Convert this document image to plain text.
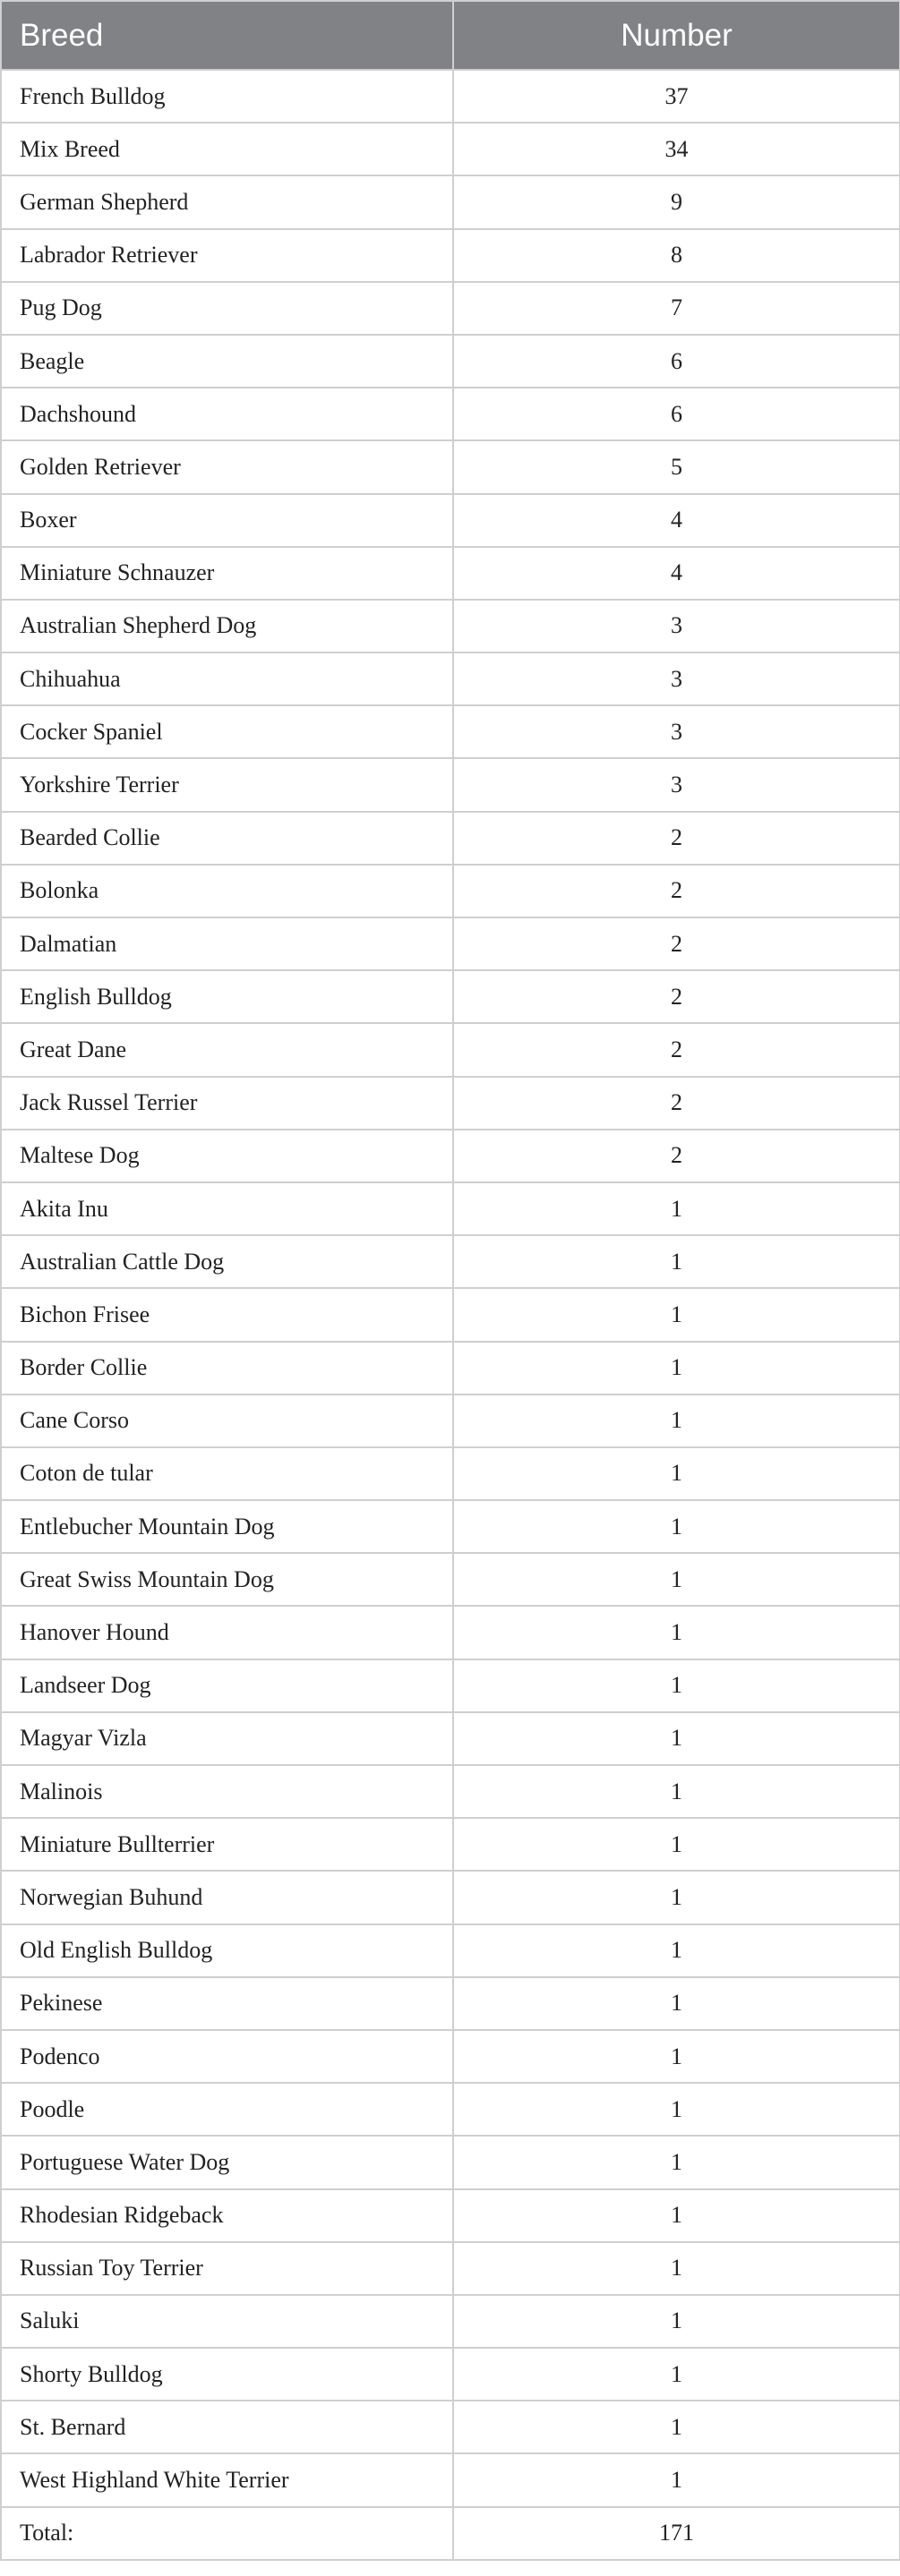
Breed	Number
French Bulldog	37
Mix Breed	34
German Shepherd	9
Labrador Retriever	8
Pug Dog	7
Beagle	6
Dachshound	6
Golden Retriever	5
Boxer	4
Miniature Schnauzer	4
Australian Shepherd Dog	3
Chihuahua	3
Cocker Spaniel	3
Yorkshire Terrier	3
Bearded Collie	2
Bolonka	2
Dalmatian	2
English Bulldog	2
Great Dane	2
Jack Russel Terrier	2
Maltese Dog	2
Akita Inu	1
Australian Cattle Dog	1
Bichon Frisee	1
Border Collie	1
Cane Corso	1
Coton de tular	1
Entlebucher Mountain Dog	1
Great Swiss Mountain Dog	1
Hanover Hound	1
Landseer Dog	1
Magyar Vizla	1
Malinois	1
Miniature Bullterrier	1
Norwegian Buhund	1
Old English Bulldog	1
Pekinese	1
Podenco	1
Poodle	1
Portuguese Water Dog	1
Rhodesian Ridgeback	1
Russian Toy Terrier	1
Saluki	1
Shorty Bulldog	1
St. Bernard	1
West Highland White Terrier	1
Total:	171
